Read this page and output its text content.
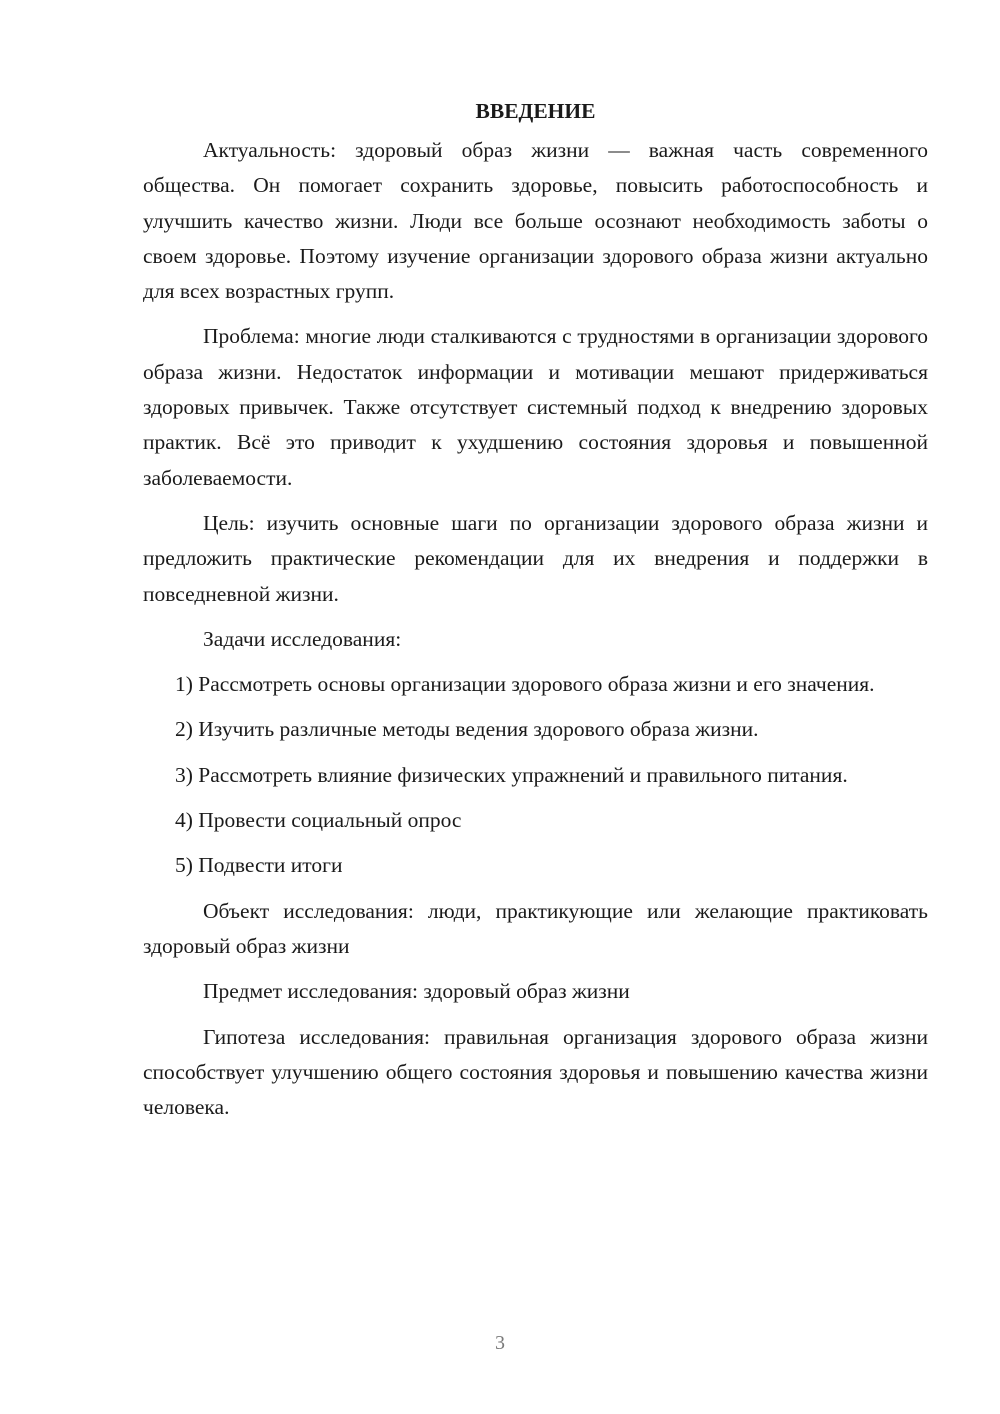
ВВЕДЕНИЕ

Актуальность: здоровый образ жизни — важная часть современного общества. Он помогает сохранить здоровье, повысить работоспособность и улучшить качество жизни. Люди все больше осознают необходимость заботы о своем здоровье. Поэтому изучение организации здорового образа жизни актуально для всех возрастных групп.

Проблема: многие люди сталкиваются с трудностями в организации здорового образа жизни. Недостаток информации и мотивации мешают придерживаться здоровых привычек. Также отсутствует системный подход к внедрению здоровых практик. Всё это приводит к ухудшению состояния здоровья и повышенной заболеваемости.

Цель: изучить основные шаги по организации здорового образа жизни и предложить практические рекомендации для их внедрения и поддержки в повседневной жизни.

Задачи исследования:

1) Рассмотреть основы организации здорового образа жизни и его значения.

2) Изучить различные методы ведения здорового образа жизни.

3) Рассмотреть влияние физических упражнений и правильного питания.

4) Провести социальный опрос

5) Подвести итоги

Объект исследования: люди, практикующие или желающие практиковать здоровый образ жизни

Предмет исследования: здоровый образ жизни

Гипотеза исследования: правильная организация здорового образа жизни способствует улучшению общего состояния здоровья и повышению качества жизни человека.

3
